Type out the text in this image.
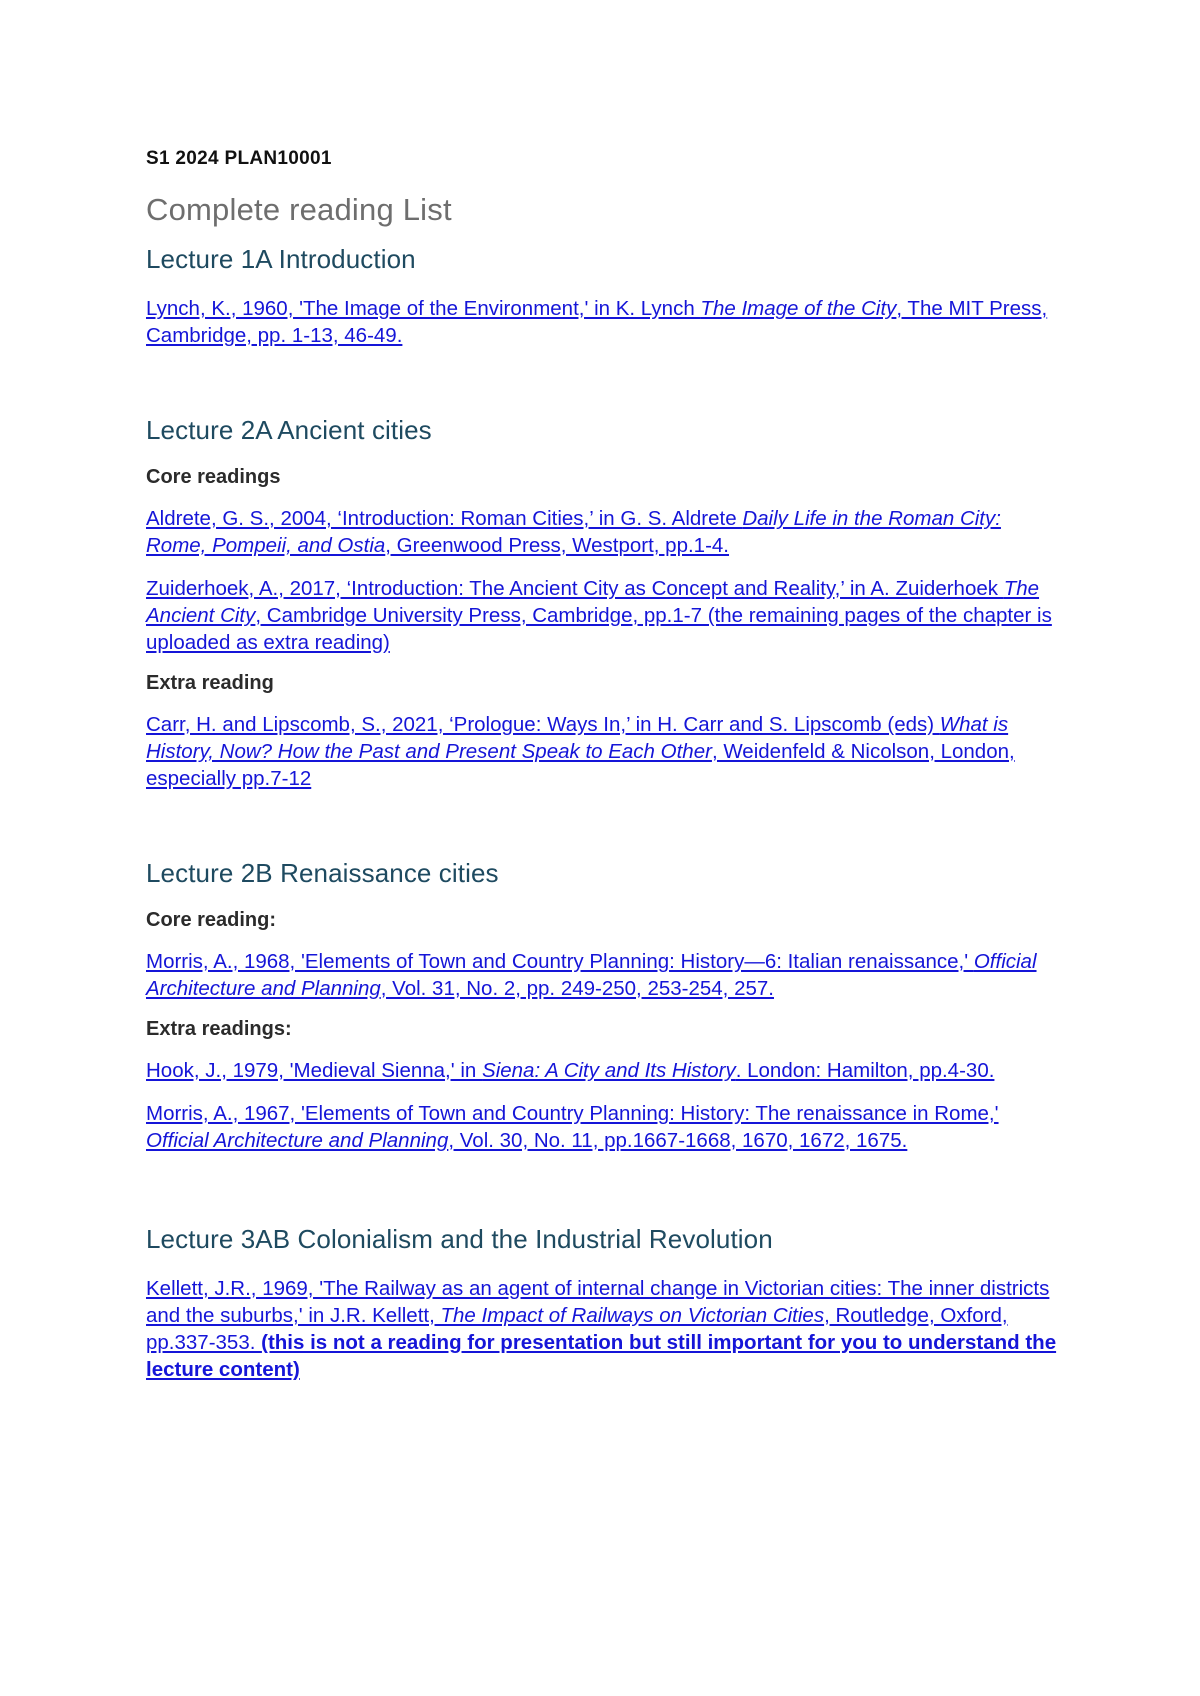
S1 2024 PLAN10001
Complete reading List
Lecture 1A Introduction
Lynch, K., 1960, 'The Image of the Environment,' in K. Lynch The Image of the City, The MIT Press, Cambridge, pp. 1-13, 46-49.
Lecture 2A Ancient cities
Core readings
Aldrete, G. S., 2004, ‘Introduction: Roman Cities,’ in G. S. Aldrete Daily Life in the Roman City: Rome, Pompeii, and Ostia, Greenwood Press, Westport, pp.1-4.
Zuiderhoek, A., 2017, ‘Introduction: The Ancient City as Concept and Reality,’ in A. Zuiderhoek The Ancient City, Cambridge University Press, Cambridge, pp.1-7 (the remaining pages of the chapter is uploaded as extra reading)
Extra reading
Carr, H. and Lipscomb, S., 2021, ‘Prologue: Ways In,’ in H. Carr and S. Lipscomb (eds) What is History, Now? How the Past and Present Speak to Each Other, Weidenfeld & Nicolson, London, especially pp.7-12
Lecture 2B Renaissance cities
Core reading:
Morris, A., 1968, 'Elements of Town and Country Planning: History—6: Italian renaissance,' Official Architecture and Planning, Vol. 31, No. 2, pp. 249-250, 253-254, 257.
Extra readings:
Hook, J., 1979, 'Medieval Sienna,' in Siena: A City and Its History. London: Hamilton, pp.4-30.
Morris, A., 1967, 'Elements of Town and Country Planning: History: The renaissance in Rome,' Official Architecture and Planning, Vol. 30, No. 11, pp.1667-1668, 1670, 1672, 1675.
Lecture 3AB Colonialism and the Industrial Revolution
Kellett, J.R., 1969, 'The Railway as an agent of internal change in Victorian cities: The inner districts and the suburbs,' in J.R. Kellett, The Impact of Railways on Victorian Cities, Routledge, Oxford, pp.337-353. (this is not a reading for presentation but still important for you to understand the lecture content)
